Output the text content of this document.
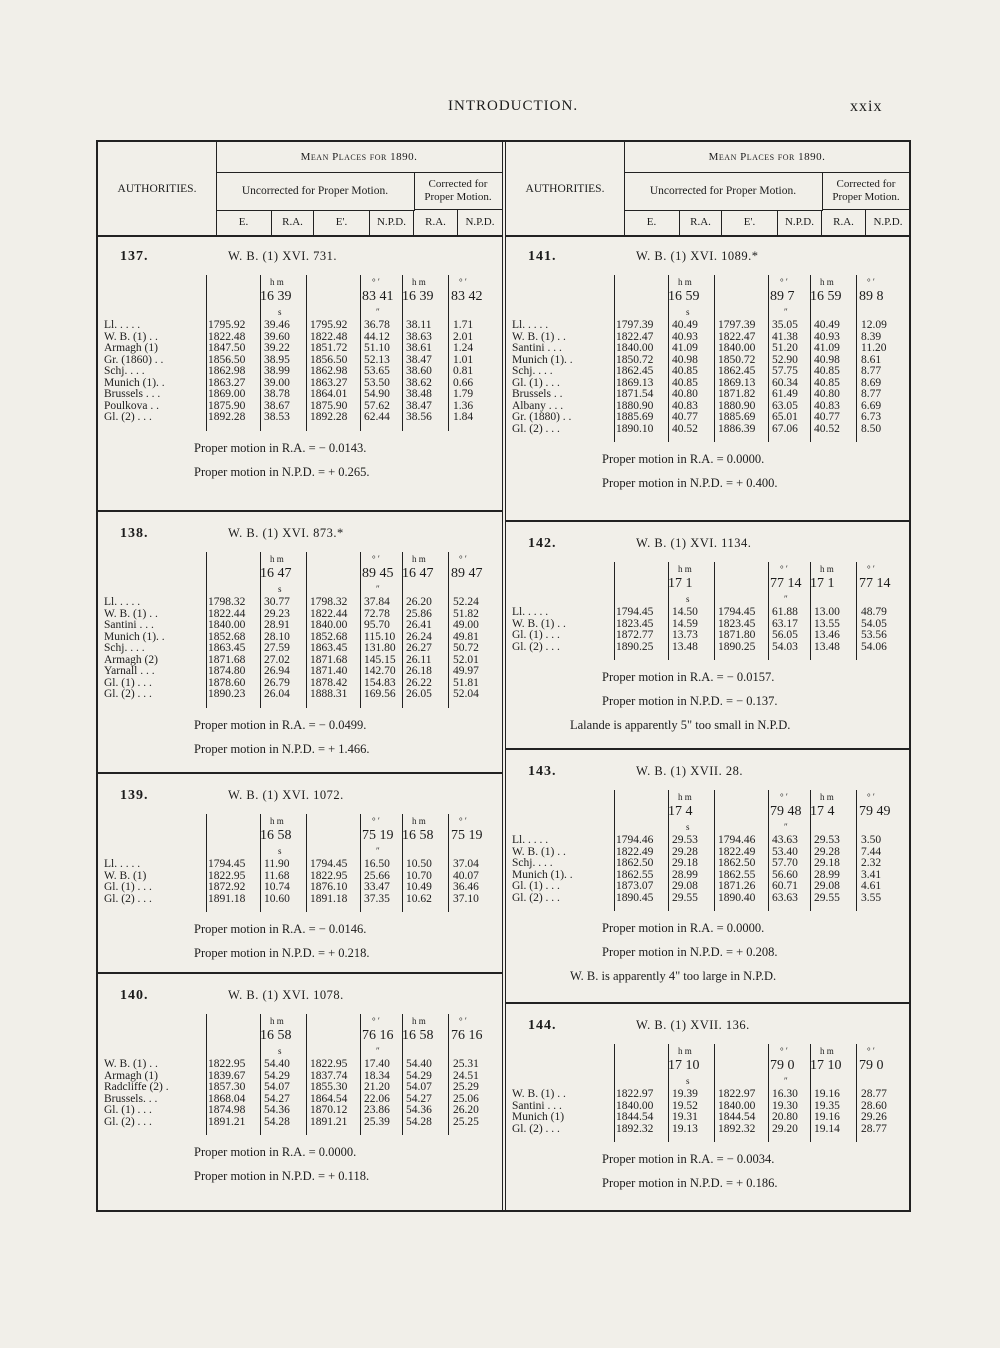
INTRODUCTION.	xxix
AUTHORITIES.
Mean Places for 1890.
Uncorrected for Proper Motion.
Corrected for
Proper Motion.
E.	R.A.	E'.	N.P.D.	R.A.	N.P.D.
137.	W. B. (1) XVI. 731.
h m	° ′	h m	° ′
16 39	83 41 16 39 83 42
s	″
Ll. . . . .	1795.92 39.46 1795.92 36.78 38.11 1.71
W. B. (1) . .	1822.48 39.60 1822.48 44.12 38.63 2.01
Armagh (1)	1847.50 39.22 1851.72 51.10 38.61 1.24
Gr. (1860) . .	1856.50 38.95 1856.50 52.13 38.47 1.01
Schj. . . .	1862.98 38.99 1862.98 53.65 38.60 0.81
Munich (1). .	1863.27 39.00 1863.27 53.50 38.62 0.66
Brussels . . .	1869.00 38.78 1864.01 54.90 38.48 1.79
Poulkova . .	1875.90 38.67 1875.90 57.62 38.47 1.36
Gl. (2) . . .	1892.28 38.53 1892.28 62.44 38.56 1.84
Proper motion in R.A. = − 0.0143.
Proper motion in N.P.D. = + 0.265.
138.	W. B. (1) XVI. 873.*
h m	° ′	h m	° ′
16 47	89 45 16 47 89 47
s	″
Ll. . . . .	1798.32 30.77 1798.32 37.84 26.20 52.24
W. B. (1) . .	1822.44 29.23 1822.44 72.78 25.86 51.82
Santini . . .	1840.00 28.91 1840.00 95.70 26.41 49.00
Munich (1). .	1852.68 28.10 1852.68 115.10 26.24 49.81
Schj. . . .	1863.45 27.59 1863.45 131.80 26.27 50.72
Armagh (2)	1871.68 27.02 1871.68 145.15 26.11 52.01
Yarnall . . .	1874.80 26.94 1871.40 142.70 26.18 49.97
Gl. (1) . . .	1878.60 26.79 1878.42 154.83 26.22 51.81
Gl. (2) . . .	1890.23 26.04 1888.31 169.56 26.05 52.04
Proper motion in R.A. = − 0.0499.
Proper motion in N.P.D. = + 1.466.
139.	W. B. (1) XVI. 1072.
h m	° ′	h m	° ′
16 58	75 19 16 58 75 19
s	″
Ll. . . . .	1794.45 11.90 1794.45 16.50 10.50 37.04
W. B. (1)	1822.95 11.68 1822.95 25.66 10.70 40.07
Gl. (1) . . .	1872.92 10.74 1876.10 33.47 10.49 36.46
Gl. (2) . . .	1891.18 10.60 1891.18 37.35 10.62 37.10
Proper motion in R.A. = − 0.0146.
Proper motion in N.P.D. = + 0.218.
140.	W. B. (1) XVI. 1078.
h m	° ′	h m	° ′
16 58	76 16 16 58 76 16
s	″
W. B. (1) . .	1822.95 54.40 1822.95 17.40 54.40 25.31
Armagh (1)	1839.67 54.29 1837.74 18.34 54.29 24.51
Radcliffe (2) .	1857.30 54.07 1855.30 21.20 54.07 25.29
Brussels. . .	1868.04 54.27 1864.54 22.06 54.27 25.06
Gl. (1) . . .	1874.98 54.36 1870.12 23.86 54.36 26.20
Gl. (2) . . .	1891.21 54.28 1891.21 25.39 54.28 25.25
Proper motion in R.A. = 0.0000.
Proper motion in N.P.D. = + 0.118.
AUTHORITIES.
Mean Places for 1890.
Uncorrected for Proper Motion.
Corrected for
Proper Motion.
E.	R.A.	E'.	N.P.D.	R.A.	N.P.D.
141.	W. B. (1) XVI. 1089.*
h m	° ′	h m	° ′
16 59	89 7 16 59 89 8
s	″
Ll. . . . .	1797.39 40.49 1797.39 35.05 40.49 12.09
W. B. (1) . .	1822.47 40.93 1822.47 41.38 40.93 8.39
Santini . . .	1840.00 41.09 1840.00 51.20 41.09 11.20
Munich (1). .	1850.72 40.98 1850.72 52.90 40.98 8.61
Schj. . . .	1862.45 40.85 1862.45 57.75 40.85 8.77
Gl. (1) . . .	1869.13 40.85 1869.13 60.34 40.85 8.69
Brussels . .	1871.54 40.80 1871.82 61.49 40.80 8.77
Albany . . .	1880.90 40.83 1880.90 63.05 40.83 6.69
Gr. (1880) . .	1885.69 40.77 1885.69 65.01 40.77 6.73
Gl. (2) . . .	1890.10 40.52 1886.39 67.06 40.52 8.50
Proper motion in R.A. = 0.0000.
Proper motion in N.P.D. = + 0.400.
142.	W. B. (1) XVI. 1134.
h m	° ′	h m	° ′
17 1	77 14 17 1 77 14
s	″
Ll. . . . .	1794.45 14.50 1794.45 61.88 13.00 48.79
W. B. (1) . .	1823.45 14.59 1823.45 63.17 13.55 54.05
Gl. (1) . . .	1872.77 13.73 1871.80 56.05 13.46 53.56
Gl. (2) . . .	1890.25 13.48 1890.25 54.03 13.48 54.06
Proper motion in R.A. = − 0.0157.
Proper motion in N.P.D. = − 0.137.
Lalande is apparently 5" too small in N.P.D.
143.	W. B. (1) XVII. 28.
h m	° ′	h m	° ′
17 4	79 48 17 4 79 49
s	″
Ll. . . . .	1794.46 29.53 1794.46 43.63 29.53 3.50
W. B. (1) . .	1822.49 29.28 1822.49 53.40 29.28 7.44
Schj. . . .	1862.50 29.18 1862.50 57.70 29.18 2.32
Munich (1). .	1862.55 28.99 1862.55 56.60 28.99 3.41
Gl. (1) . . .	1873.07 29.08 1871.26 60.71 29.08 4.61
Gl. (2) . . .	1890.45 29.55 1890.40 63.63 29.55 3.55
Proper motion in R.A. = 0.0000.
Proper motion in N.P.D. = + 0.208.
W. B. is apparently 4" too large in N.P.D.
144.	W. B. (1) XVII. 136.
h m	° ′	h m	° ′
17 10	79 0 17 10 79 0
s	″
W. B. (1) . .	1822.97 19.39 1822.97 16.30 19.16 28.77
Santini . . .	1840.00 19.52 1840.00 19.30 19.35 28.60
Munich (1)	1844.54 19.31 1844.54 20.80 19.16 29.26
Gl. (2) . . .	1892.32 19.13 1892.32 29.20 19.14 28.77
Proper motion in R.A. = − 0.0034.
Proper motion in N.P.D. = + 0.186.
